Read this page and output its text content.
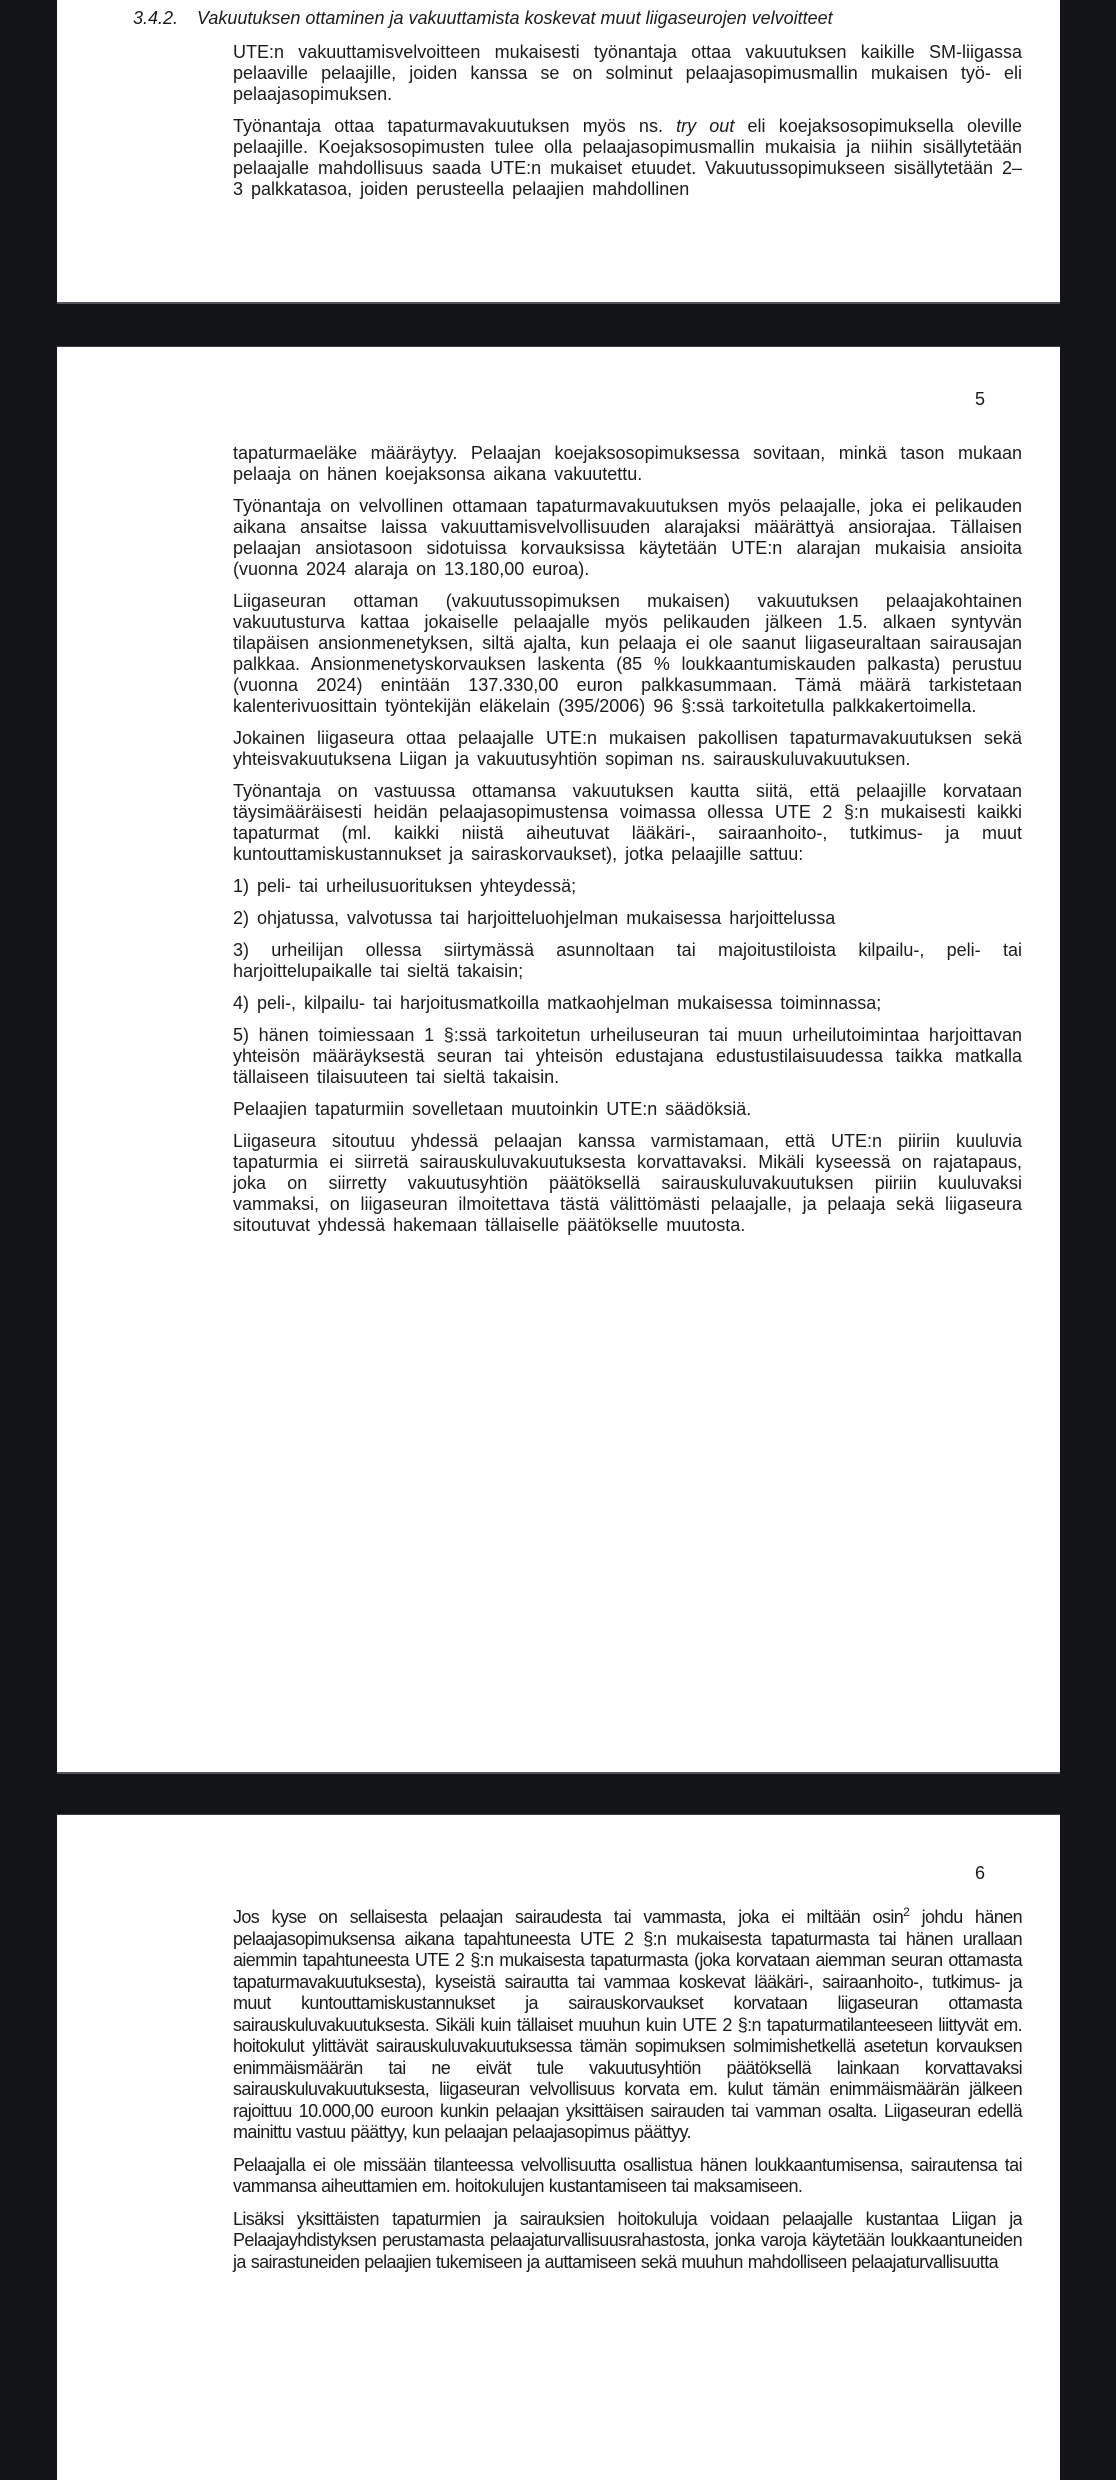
3.4.2. Vakuutuksen ottaminen ja vakuuttamista koskevat muut liigaseurojen velvoitteet

UTE:n vakuuttamisvelvoitteen mukaisesti työnantaja ottaa vakuutuksen kaikille SM-liigassa pelaaville pelaajille, joiden kanssa se on solminut pelaajasopimusmallin mukaisen työ- eli pelaajasopimuksen.

Työnantaja ottaa tapaturmavakuutuksen myös ns. try out eli koejaksosopimuksella oleville pelaajille. Koejaksosopimusten tulee olla pelaajasopimusmallin mukaisia ja niihin sisällytetään pelaajalle mahdollisuus saada UTE:n mukaiset etuudet. Vakuutussopimukseen sisällytetään 2–3 palkkatasoa, joiden perusteella pelaajien mahdollinen

5

tapaturmaeläke määräytyy. Pelaajan koejaksosopimuksessa sovitaan, minkä tason mukaan pelaaja on hänen koejaksonsa aikana vakuutettu.

Työnantaja on velvollinen ottamaan tapaturmavakuutuksen myös pelaajalle, joka ei pelikauden aikana ansaitse laissa vakuuttamisvelvollisuuden alarajaksi määrättyä ansiorajaa. Tällaisen pelaajan ansiotasoon sidotuissa korvauksissa käytetään UTE:n alarajan mukaisia ansioita (vuonna 2024 alaraja on 13.180,00 euroa).

Liigaseuran ottaman (vakuutussopimuksen mukaisen) vakuutuksen pelaajakohtainen vakuutusturva kattaa jokaiselle pelaajalle myös pelikauden jälkeen 1.5. alkaen syntyvän tilapäisen ansionmenetyksen, siltä ajalta, kun pelaaja ei ole saanut liigaseuraltaan sairausajan palkkaa. Ansionmenetyskorvauksen laskenta (85 % loukkaantumiskauden palkasta) perustuu (vuonna 2024) enintään 137.330,00 euron palkkasummaan. Tämä määrä tarkistetaan kalenterivuosittain työntekijän eläkelain (395/2006) 96 §:ssä tarkoitetulla palkkakertoimella.

Jokainen liigaseura ottaa pelaajalle UTE:n mukaisen pakollisen tapaturmavakuutuksen sekä yhteisvakuutuksena Liigan ja vakuutusyhtiön sopiman ns. sairauskuluvakuutuksen.

Työnantaja on vastuussa ottamansa vakuutuksen kautta siitä, että pelaajille korvataan täysimääräisesti heidän pelaajasopimustensa voimassa ollessa UTE 2 §:n mukaisesti kaikki tapaturmat (ml. kaikki niistä aiheutuvat lääkäri-, sairaanhoito-, tutkimus- ja muut kuntouttamiskustannukset ja sairaskorvaukset), jotka pelaajille sattuu:

1) peli- tai urheilusuorituksen yhteydessä;

2) ohjatussa, valvotussa tai harjoitteluohjelman mukaisessa harjoittelussa

3) urheilijan ollessa siirtymässä asunnoltaan tai majoitustiloista kilpailu-, peli- tai harjoittelupaikalle tai sieltä takaisin;

4) peli-, kilpailu- tai harjoitusmatkoilla matkaohjelman mukaisessa toiminnassa;

5) hänen toimiessaan 1 §:ssä tarkoitetun urheiluseuran tai muun urheilutoimintaa harjoittavan yhteisön määräyksestä seuran tai yhteisön edustajana edustustilaisuudessa taikka matkalla tällaiseen tilaisuuteen tai sieltä takaisin.

Pelaajien tapaturmiin sovelletaan muutoinkin UTE:n säädöksiä.

Liigaseura sitoutuu yhdessä pelaajan kanssa varmistamaan, että UTE:n piiriin kuuluvia tapaturmia ei siirretä sairauskuluvakuutuksesta korvattavaksi. Mikäli kyseessä on rajatapaus, joka on siirretty vakuutusyhtiön päätöksellä sairauskuluvakuutuksen piiriin kuuluvaksi vammaksi, on liigaseuran ilmoitettava tästä välittömästi pelaajalle, ja pelaaja sekä liigaseura sitoutuvat yhdessä hakemaan tällaiselle päätökselle muutosta.

6

Jos kyse on sellaisesta pelaajan sairaudesta tai vammasta, joka ei miltään osin$^2$ johdu hänen pelaajasopimuksensa aikana tapahtuneesta UTE 2 §:n mukaisesta tapaturmasta tai hänen urallaan aiemmin tapahtuneesta UTE 2 §:n mukaisesta tapaturmasta (joka korvataan aiemman seuran ottamasta tapaturmavakuutuksesta), kyseistä sairautta tai vammaa koskevat lääkäri-, sairaanhoito-, tutkimus- ja muut kuntouttamiskustannukset ja sairauskorvaukset korvataan liigaseuran ottamasta sairauskuluvakuutuksesta. Sikäli kuin tällaiset muuhun kuin UTE 2 §:n tapaturmatilanteeseen liittyvät em. hoitokulut ylittävät sairauskuluvakuutuksessa tämän sopimuksen solmimishetkellä asetetun korvauksen enimmäismäärän tai ne eivät tule vakuutusyhtiön päätöksellä lainkaan korvattavaksi sairauskuluvakuutuksesta, liigaseuran velvollisuus korvata em. kulut tämän enimmäismäärän jälkeen rajoittuu 10.000,00 euroon kunkin pelaajan yksittäisen sairauden tai vamman osalta. Liigaseuran edellä mainittu vastuu päättyy, kun pelaajan pelaajasopimus päättyy.

Pelaajalla ei ole missään tilanteessa velvollisuutta osallistua hänen loukkaantumisensa, sairautensa tai vammansa aiheuttamien em. hoitokulujen kustantamiseen tai maksamiseen.

Lisäksi yksittäisten tapaturmien ja sairauksien hoitokuluja voidaan pelaajalle kustantaa Liigan ja Pelaajayhdistyksen perustamasta pelaajaturvallisuusrahastosta, jonka varoja käytetään loukkaantuneiden ja sairastuneiden pelaajien tukemiseen ja auttamiseen sekä muuhun mahdolliseen pelaajaturvallisuutta
